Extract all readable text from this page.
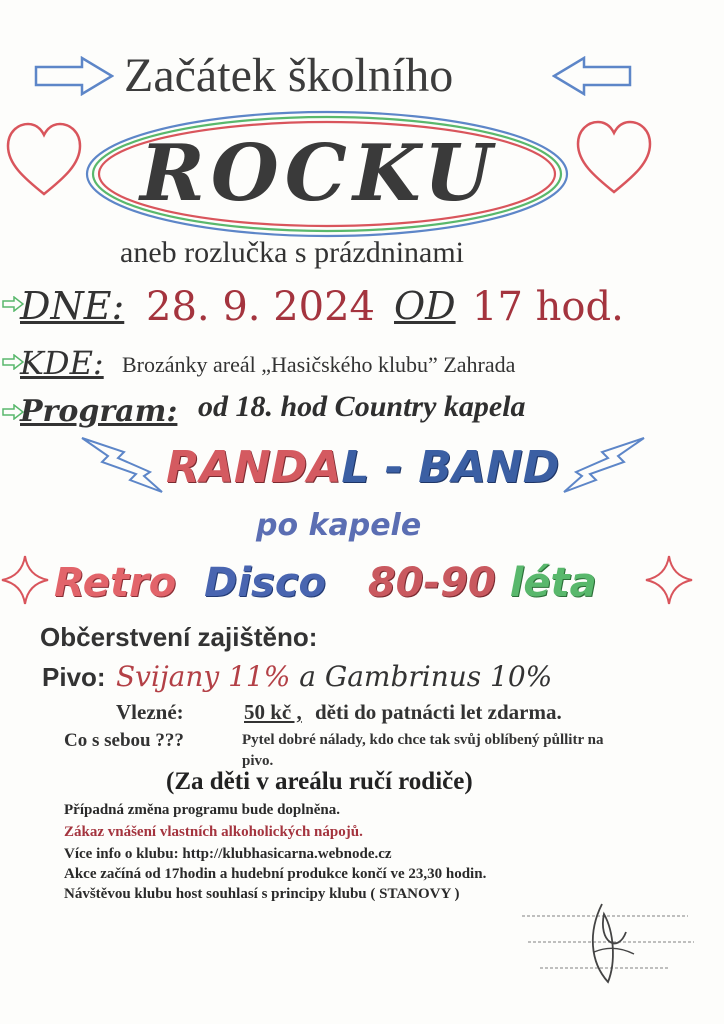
Začátek školního
ROCKU
aneb rozlučka s prázdninami
DNE: 28. 9. 2024 OD 17 hod.
KDE: Brozánky areál „Hasičského klubu” Zahrada
Program: od 18. hod Country kapela
RANDAL - BAND
po kapele
Retro Disco 80-90 léta
Občerstvení zajištěno:
Pivo: Svijany 11% a Gambrinus 10%
Vlezné:	50 kč , děti do patnácti let zdarma.
Co s sebou ???	Pytel dobré nálady, kdo chce tak svůj oblíbený půllitr na pivo.
(Za děti v areálu ručí rodiče)
Případná změna programu bude doplněna.
Zákaz vnášení vlastních alkoholických nápojů.
Více info o klubu: http://klubhasicarna.webnode.cz
Akce začíná od 17hodin a hudební produkce končí ve 23,30 hodin.
Návštěvou klubu host souhlasí s principy klubu ( STANOVY )
